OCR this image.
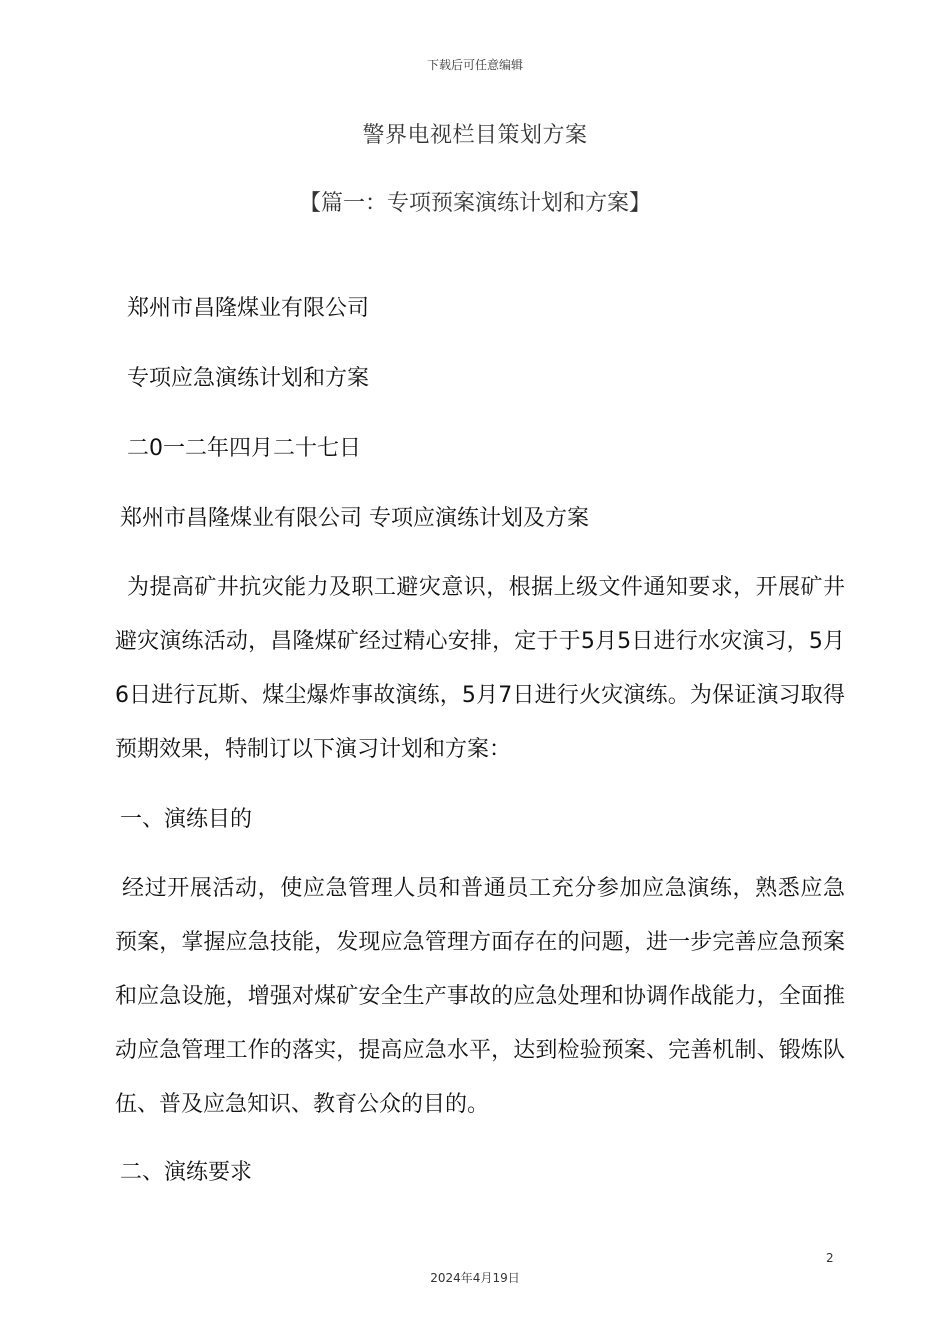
下载后可任意编辑
警界电视栏目策划方案
【篇一：专项预案演练计划和方案】
郑州市昌隆煤业有限公司
专项应急演练计划和方案
二0一二年四月二十七日
郑州市昌隆煤业有限公司 专项应演练计划及方案
为提高矿井抗灾能力及职工避灾意识，根据上级文件通知要求，开展矿井避灾演练活动，昌隆煤矿经过精心安排，定于于5月5日进行水灾演习，5月6日进行瓦斯、煤尘爆炸事故演练，5月7日进行火灾演练。为保证演习取得预期效果，特制订以下演习计划和方案：
一、演练目的
经过开展活动，使应急管理人员和普通员工充分参加应急演练，熟悉应急预案，掌握应急技能，发现应急管理方面存在的问题，进一步完善应急预案和应急设施，增强对煤矿安全生产事故的应急处理和协调作战能力，全面推动应急管理工作的落实，提高应急水平，达到检验预案、完善机制、锻炼队伍、普及应急知识、教育公众的目的。
二、演练要求
2
2024年4月19日
